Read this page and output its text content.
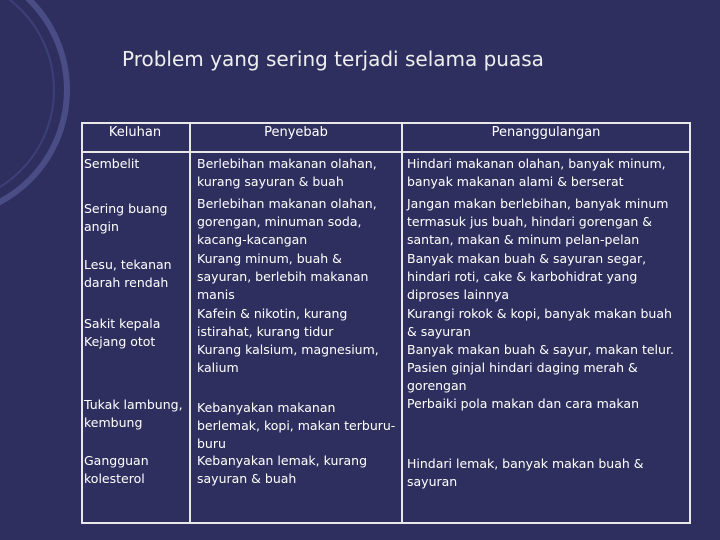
Problem yang sering terjadi selama puasa
Keluhan	Penyebab	Penanggulangan
Sembelit
Sering buang angin
Lesu, tekanan darah rendah
Sakit kepala
Kejang otot
Tukak lambung, kembung
Gangguan kolesterol
Berlebihan makanan olahan, kurang sayuran & buah
Berlebihan makanan olahan, gorengan, minuman soda, kacang-kacangan
Kurang minum, buah & sayuran, berlebih makanan manis
Kafein & nikotin, kurang istirahat, kurang tidur
Kurang kalsium, magnesium, kalium
Kebanyakan makanan berlemak, kopi, makan terburu-buru
Kebanyakan lemak, kurang sayuran & buah
Hindari makanan olahan, banyak minum, banyak makanan alami & berserat
Jangan makan berlebihan, banyak minum termasuk jus buah, hindari gorengan & santan, makan & minum pelan-pelan
Banyak makan buah & sayuran segar, hindari roti, cake & karbohidrat yang diproses lainnya
Kurangi rokok & kopi, banyak makan buah & sayuran
Banyak makan buah & sayur, makan telur. Pasien ginjal hindari daging merah & gorengan
Perbaiki pola makan dan cara makan
Hindari lemak, banyak makan buah & sayuran
